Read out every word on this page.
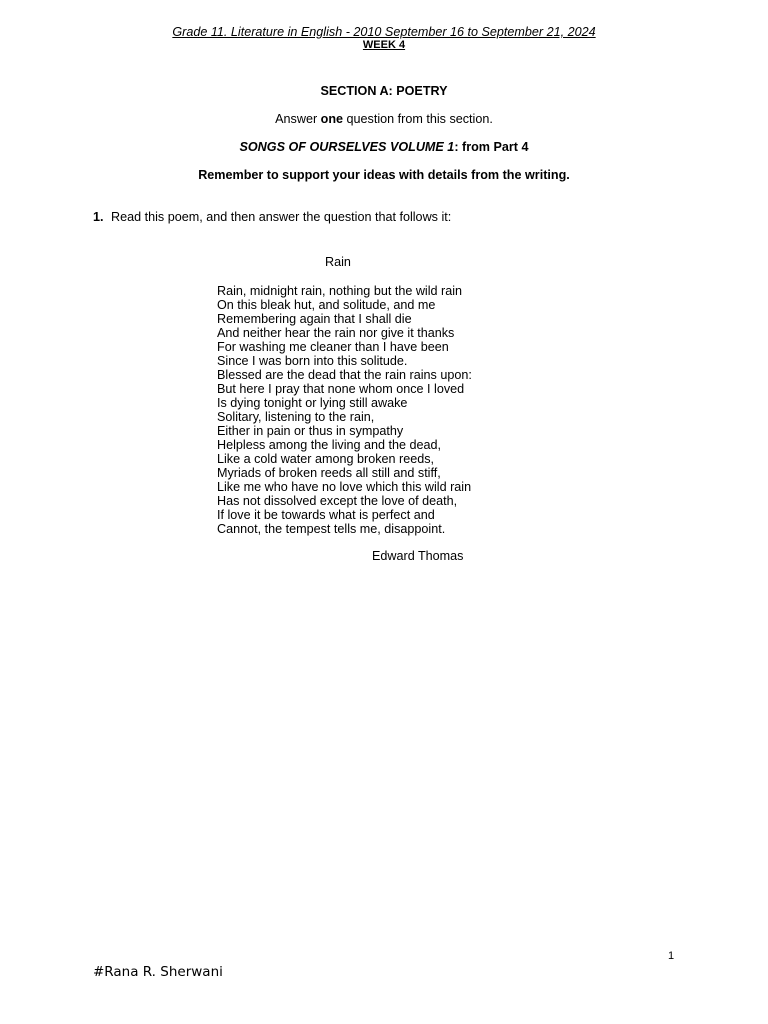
Grade 11. Literature in English - 2010 September 16 to September 21, 2024
WEEK 4
SECTION A: POETRY
Answer one question from this section.
SONGS OF OURSELVES VOLUME 1: from Part 4
Remember to support your ideas with details from the writing.
1. Read this poem, and then answer the question that follows it:
Rain
Rain, midnight rain, nothing but the wild rain
On this bleak hut, and solitude, and me
Remembering again that I shall die
And neither hear the rain nor give it thanks
For washing me cleaner than I have been
Since I was born into this solitude.
Blessed are the dead that the rain rains upon:
But here I pray that none whom once I loved
Is dying tonight or lying still awake
Solitary, listening to the rain,
Either in pain or thus in sympathy
Helpless among the living and the dead,
Like a cold water among broken reeds,
Myriads of broken reeds all still and stiff,
Like me who have no love which this wild rain
Has not dissolved except the love of death,
If love it be towards what is perfect and
Cannot, the tempest tells me, disappoint.
Edward Thomas
1
#Rana R. Sherwani
